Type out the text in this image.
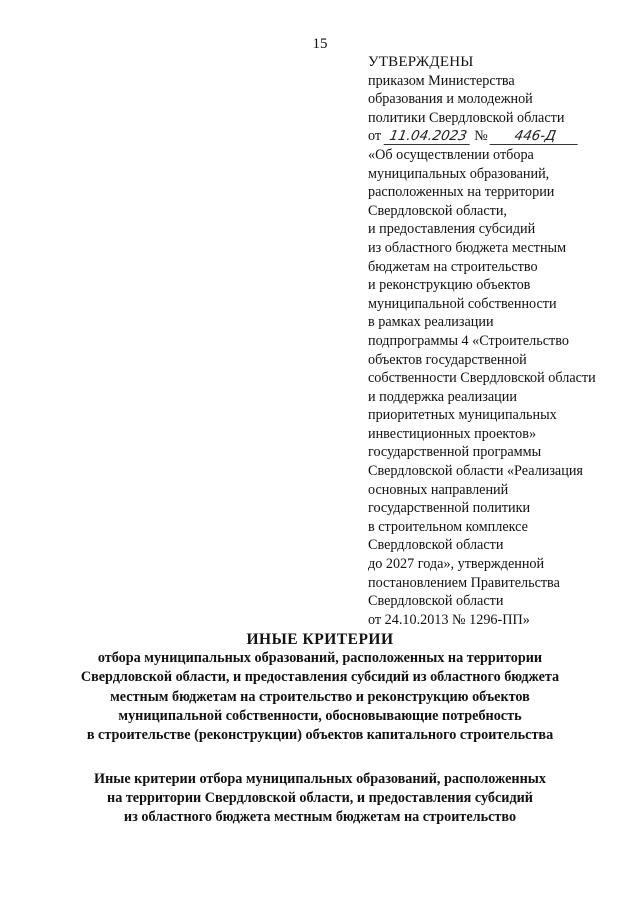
15
УТВЕРЖДЕНЫ
приказом Министерства
образования и молодежной
политики Свердловской области
от 11.04.2023 № 446-Д
«Об осуществлении отбора
муниципальных образований,
расположенных на территории
Свердловской области,
и предоставления субсидий
из областного бюджета местным
бюджетам на строительство
и реконструкцию объектов
муниципальной собственности
в рамках реализации
подпрограммы 4 «Строительство
объектов государственной
собственности Свердловской области
и поддержка реализации
приоритетных муниципальных
инвестиционных проектов»
государственной программы
Свердловской области «Реализация
основных направлений
государственной политики
в строительном комплексе
Свердловской области
до 2027 года», утвержденной
постановлением Правительства
Свердловской области
от 24.10.2013 № 1296-ПП»
ИНЫЕ КРИТЕРИИ
отбора муниципальных образований, расположенных на территории
Свердловской области, и предоставления субсидий из областного бюджета
местным бюджетам на строительство и реконструкцию объектов
муниципальной собственности, обосновывающие потребность
в строительстве (реконструкции) объектов капитального строительства
Иные критерии отбора муниципальных образований, расположенных
на территории Свердловской области, и предоставления субсидий
из областного бюджета местным бюджетам на строительство
